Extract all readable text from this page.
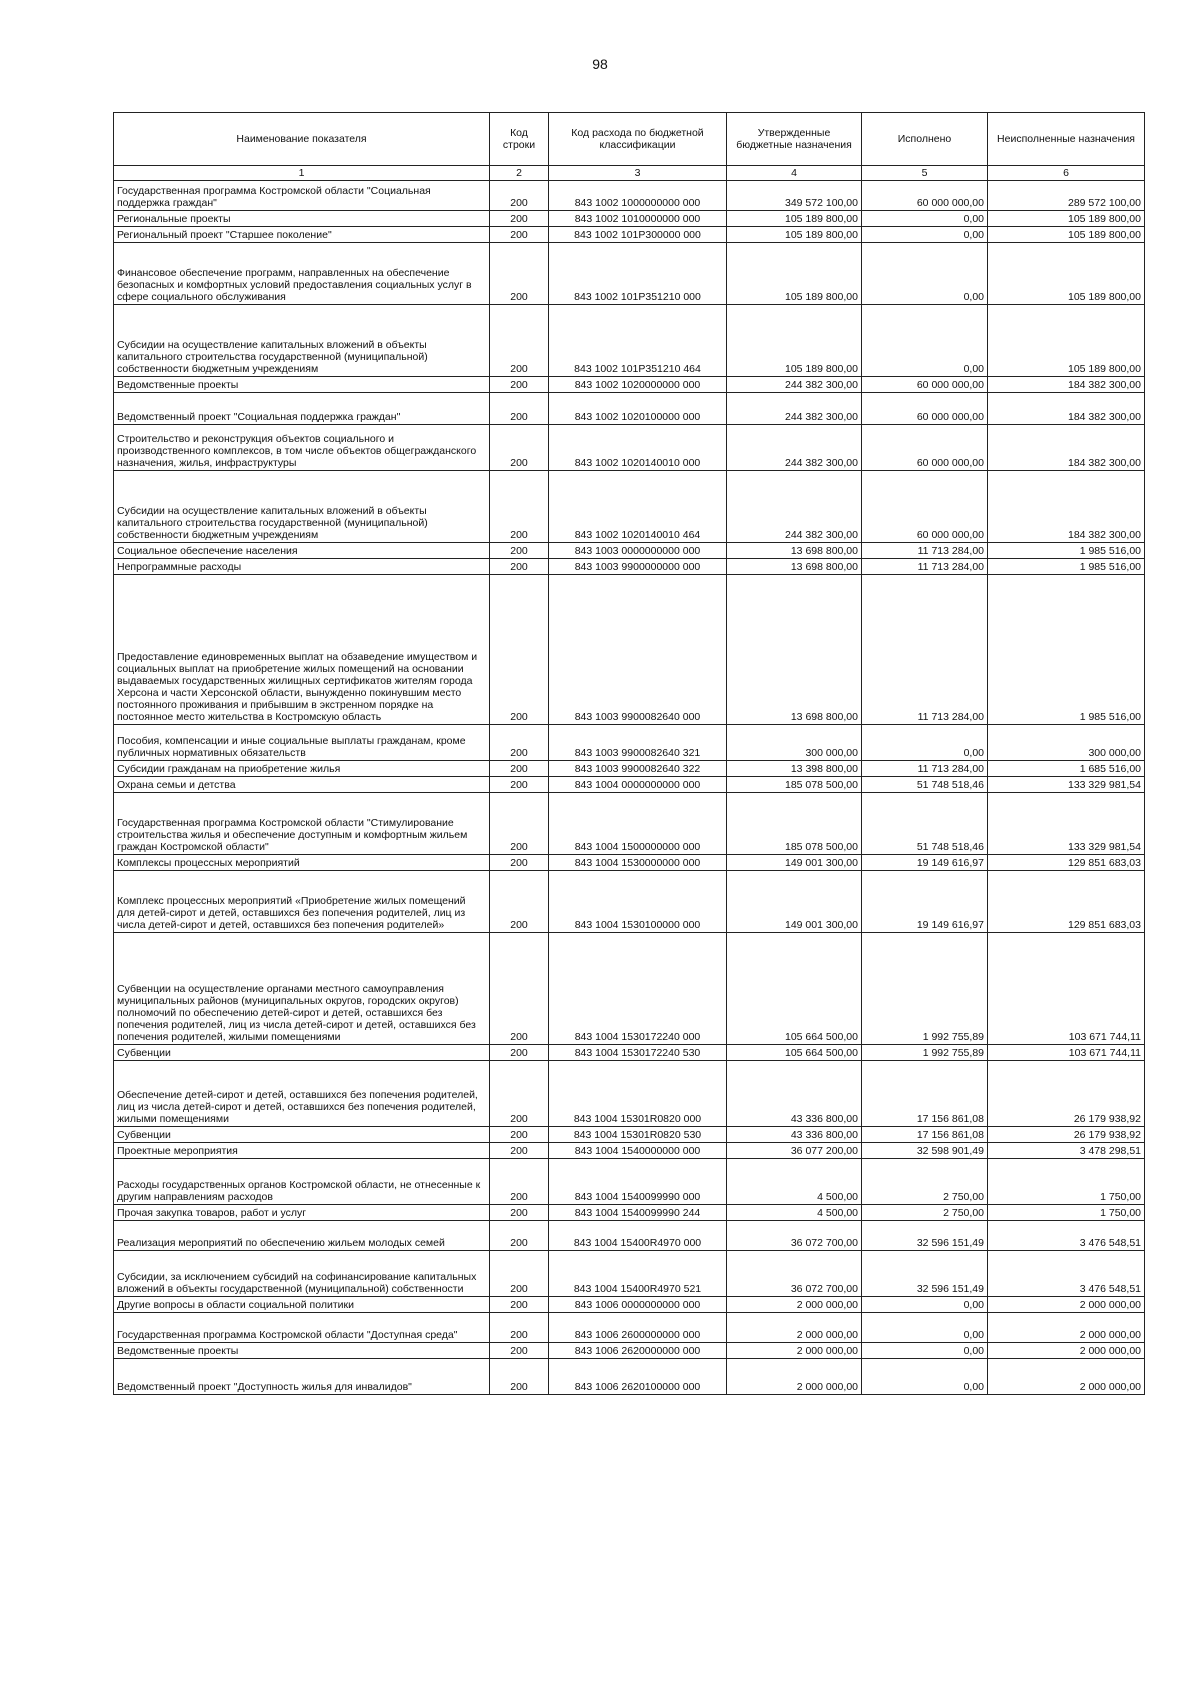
98
Наименование показателя	Код строки	Код расхода по бюджетной классификации	Утвержденные бюджетные назначения	Исполнено	Неисполненные назначения
1	2	3	4	5	6
Государственная программа Костромской области "Социальная поддержка граждан"	200	843 1002 1000000000 000	349 572 100,00	60 000 000,00	289 572 100,00
Региональные проекты	200	843 1002 1010000000 000	105 189 800,00	0,00	105 189 800,00
Региональный проект "Старшее поколение"	200	843 1002 101P300000 000	105 189 800,00	0,00	105 189 800,00
Финансовое обеспечение программ, направленных на обеспечение безопасных и комфортных условий предоставления социальных услуг в сфере социального обслуживания	200	843 1002 101P351210 000	105 189 800,00	0,00	105 189 800,00
Субсидии на осуществление капитальных вложений в объекты капитального строительства государственной (муниципальной) собственности бюджетным учреждениям	200	843 1002 101P351210 464	105 189 800,00	0,00	105 189 800,00
Ведомственные проекты	200	843 1002 1020000000 000	244 382 300,00	60 000 000,00	184 382 300,00
Ведомственный проект "Социальная поддержка граждан"	200	843 1002 1020100000 000	244 382 300,00	60 000 000,00	184 382 300,00
Строительство и реконструкция объектов социального и производственного комплексов, в том числе объектов общегражданского назначения, жилья, инфраструктуры	200	843 1002 1020140010 000	244 382 300,00	60 000 000,00	184 382 300,00
Субсидии на осуществление капитальных вложений в объекты капитального строительства государственной (муниципальной) собственности бюджетным учреждениям	200	843 1002 1020140010 464	244 382 300,00	60 000 000,00	184 382 300,00
Социальное обеспечение населения	200	843 1003 0000000000 000	13 698 800,00	11 713 284,00	1 985 516,00
Непрограммные расходы	200	843 1003 9900000000 000	13 698 800,00	11 713 284,00	1 985 516,00
Предоставление единовременных выплат на обзаведение имуществом и социальных выплат на приобретение жилых помещений на основании выдаваемых государственных жилищных сертификатов жителям города Херсона и части Херсонской области, вынужденно покинувшим место постоянного проживания и прибывшим в экстренном порядке на постоянное место жительства в Костромскую область	200	843 1003 9900082640 000	13 698 800,00	11 713 284,00	1 985 516,00
Пособия, компенсации и иные социальные выплаты гражданам, кроме публичных нормативных обязательств	200	843 1003 9900082640 321	300 000,00	0,00	300 000,00
Субсидии гражданам на приобретение жилья	200	843 1003 9900082640 322	13 398 800,00	11 713 284,00	1 685 516,00
Охрана семьи и детства	200	843 1004 0000000000 000	185 078 500,00	51 748 518,46	133 329 981,54
Государственная программа Костромской области "Стимулирование строительства жилья и обеспечение доступным и комфортным жильем граждан Костромской области"	200	843 1004 1500000000 000	185 078 500,00	51 748 518,46	133 329 981,54
Комплексы процессных мероприятий	200	843 1004 1530000000 000	149 001 300,00	19 149 616,97	129 851 683,03
Комплекс процессных мероприятий «Приобретение жилых помещений для детей-сирот и детей, оставшихся без попечения родителей, лиц из числа детей-сирот и детей, оставшихся без попечения родителей»	200	843 1004 1530100000 000	149 001 300,00	19 149 616,97	129 851 683,03
Субвенции на осуществление органами местного самоуправления муниципальных районов (муниципальных округов, городских округов) полномочий по обеспечению детей-сирот и детей, оставшихся без попечения родителей, лиц из числа детей-сирот и детей, оставшихся без попечения родителей, жилыми помещениями	200	843 1004 1530172240 000	105 664 500,00	1 992 755,89	103 671 744,11
Субвенции	200	843 1004 1530172240 530	105 664 500,00	1 992 755,89	103 671 744,11
Обеспечение детей-сирот и детей, оставшихся без попечения родителей, лиц из числа детей-сирот и детей, оставшихся без попечения родителей, жилыми помещениями	200	843 1004 15301R0820 000	43 336 800,00	17 156 861,08	26 179 938,92
Субвенции	200	843 1004 15301R0820 530	43 336 800,00	17 156 861,08	26 179 938,92
Проектные мероприятия	200	843 1004 1540000000 000	36 077 200,00	32 598 901,49	3 478 298,51
Расходы государственных органов Костромской области, не отнесенные к другим направлениям расходов	200	843 1004 1540099990 000	4 500,00	2 750,00	1 750,00
Прочая закупка товаров, работ и услуг	200	843 1004 1540099990 244	4 500,00	2 750,00	1 750,00
Реализация мероприятий по обеспечению жильем молодых семей	200	843 1004 15400R4970 000	36 072 700,00	32 596 151,49	3 476 548,51
Субсидии, за исключением субсидий на софинансирование капитальных вложений в объекты государственной (муниципальной) собственности	200	843 1004 15400R4970 521	36 072 700,00	32 596 151,49	3 476 548,51
Другие вопросы в области социальной политики	200	843 1006 0000000000 000	2 000 000,00	0,00	2 000 000,00
Государственная программа Костромской области "Доступная среда"	200	843 1006 2600000000 000	2 000 000,00	0,00	2 000 000,00
Ведомственные проекты	200	843 1006 2620000000 000	2 000 000,00	0,00	2 000 000,00
Ведомственный проект "Доступность жилья для инвалидов"	200	843 1006 2620100000 000	2 000 000,00	0,00	2 000 000,00
